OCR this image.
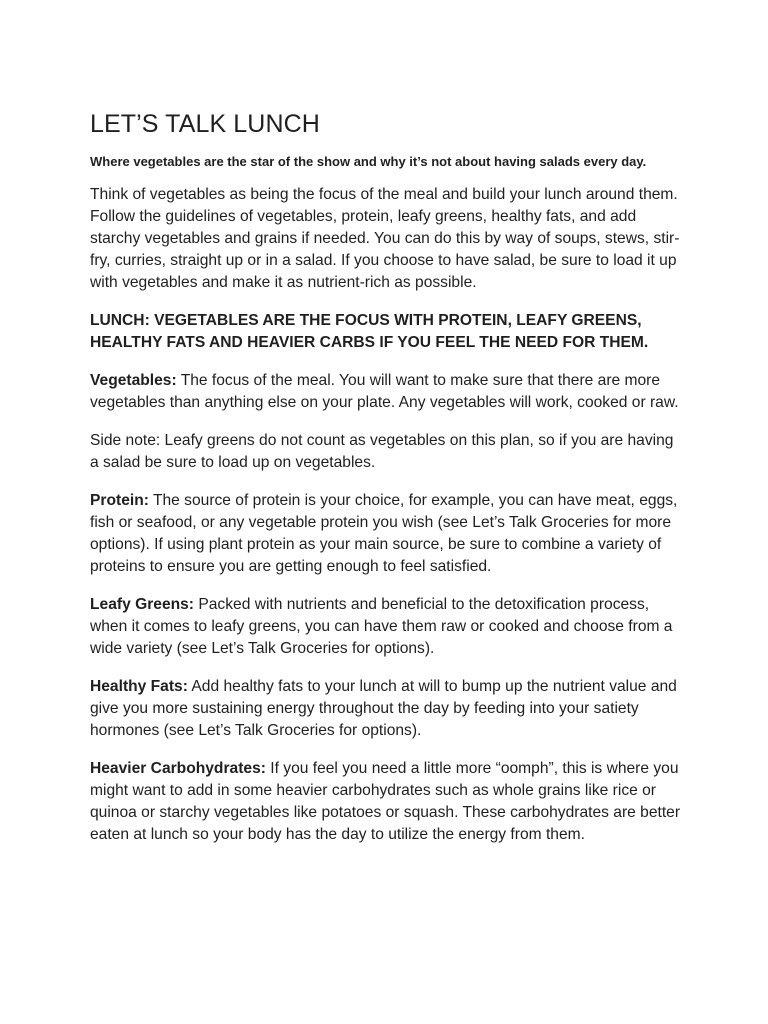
LET’S TALK LUNCH

Where vegetables are the star of the show and why it’s not about having salads every day.

Think of vegetables as being the focus of the meal and build your lunch around them. Follow the guidelines of vegetables, protein, leafy greens, healthy fats, and add starchy vegetables and grains if needed. You can do this by way of soups, stews, stir-fry, curries, straight up or in a salad. If you choose to have salad, be sure to load it up with vegetables and make it as nutrient-rich as possible.

LUNCH: VEGETABLES ARE THE FOCUS WITH PROTEIN, LEAFY GREENS, HEALTHY FATS AND HEAVIER CARBS IF YOU FEEL THE NEED FOR THEM.

Vegetables: The focus of the meal. You will want to make sure that there are more vegetables than anything else on your plate. Any vegetables will work, cooked or raw.

Side note: Leafy greens do not count as vegetables on this plan, so if you are having a salad be sure to load up on vegetables.

Protein: The source of protein is your choice, for example, you can have meat, eggs, fish or seafood, or any vegetable protein you wish (see Let’s Talk Groceries for more options). If using plant protein as your main source, be sure to combine a variety of proteins to ensure you are getting enough to feel satisfied.

Leafy Greens: Packed with nutrients and beneficial to the detoxification process, when it comes to leafy greens, you can have them raw or cooked and choose from a wide variety (see Let’s Talk Groceries for options).

Healthy Fats: Add healthy fats to your lunch at will to bump up the nutrient value and give you more sustaining energy throughout the day by feeding into your satiety hormones (see Let’s Talk Groceries for options).

Heavier Carbohydrates: If you feel you need a little more “oomph”, this is where you might want to add in some heavier carbohydrates such as whole grains like rice or quinoa or starchy vegetables like potatoes or squash. These carbohydrates are better eaten at lunch so your body has the day to utilize the energy from them.
